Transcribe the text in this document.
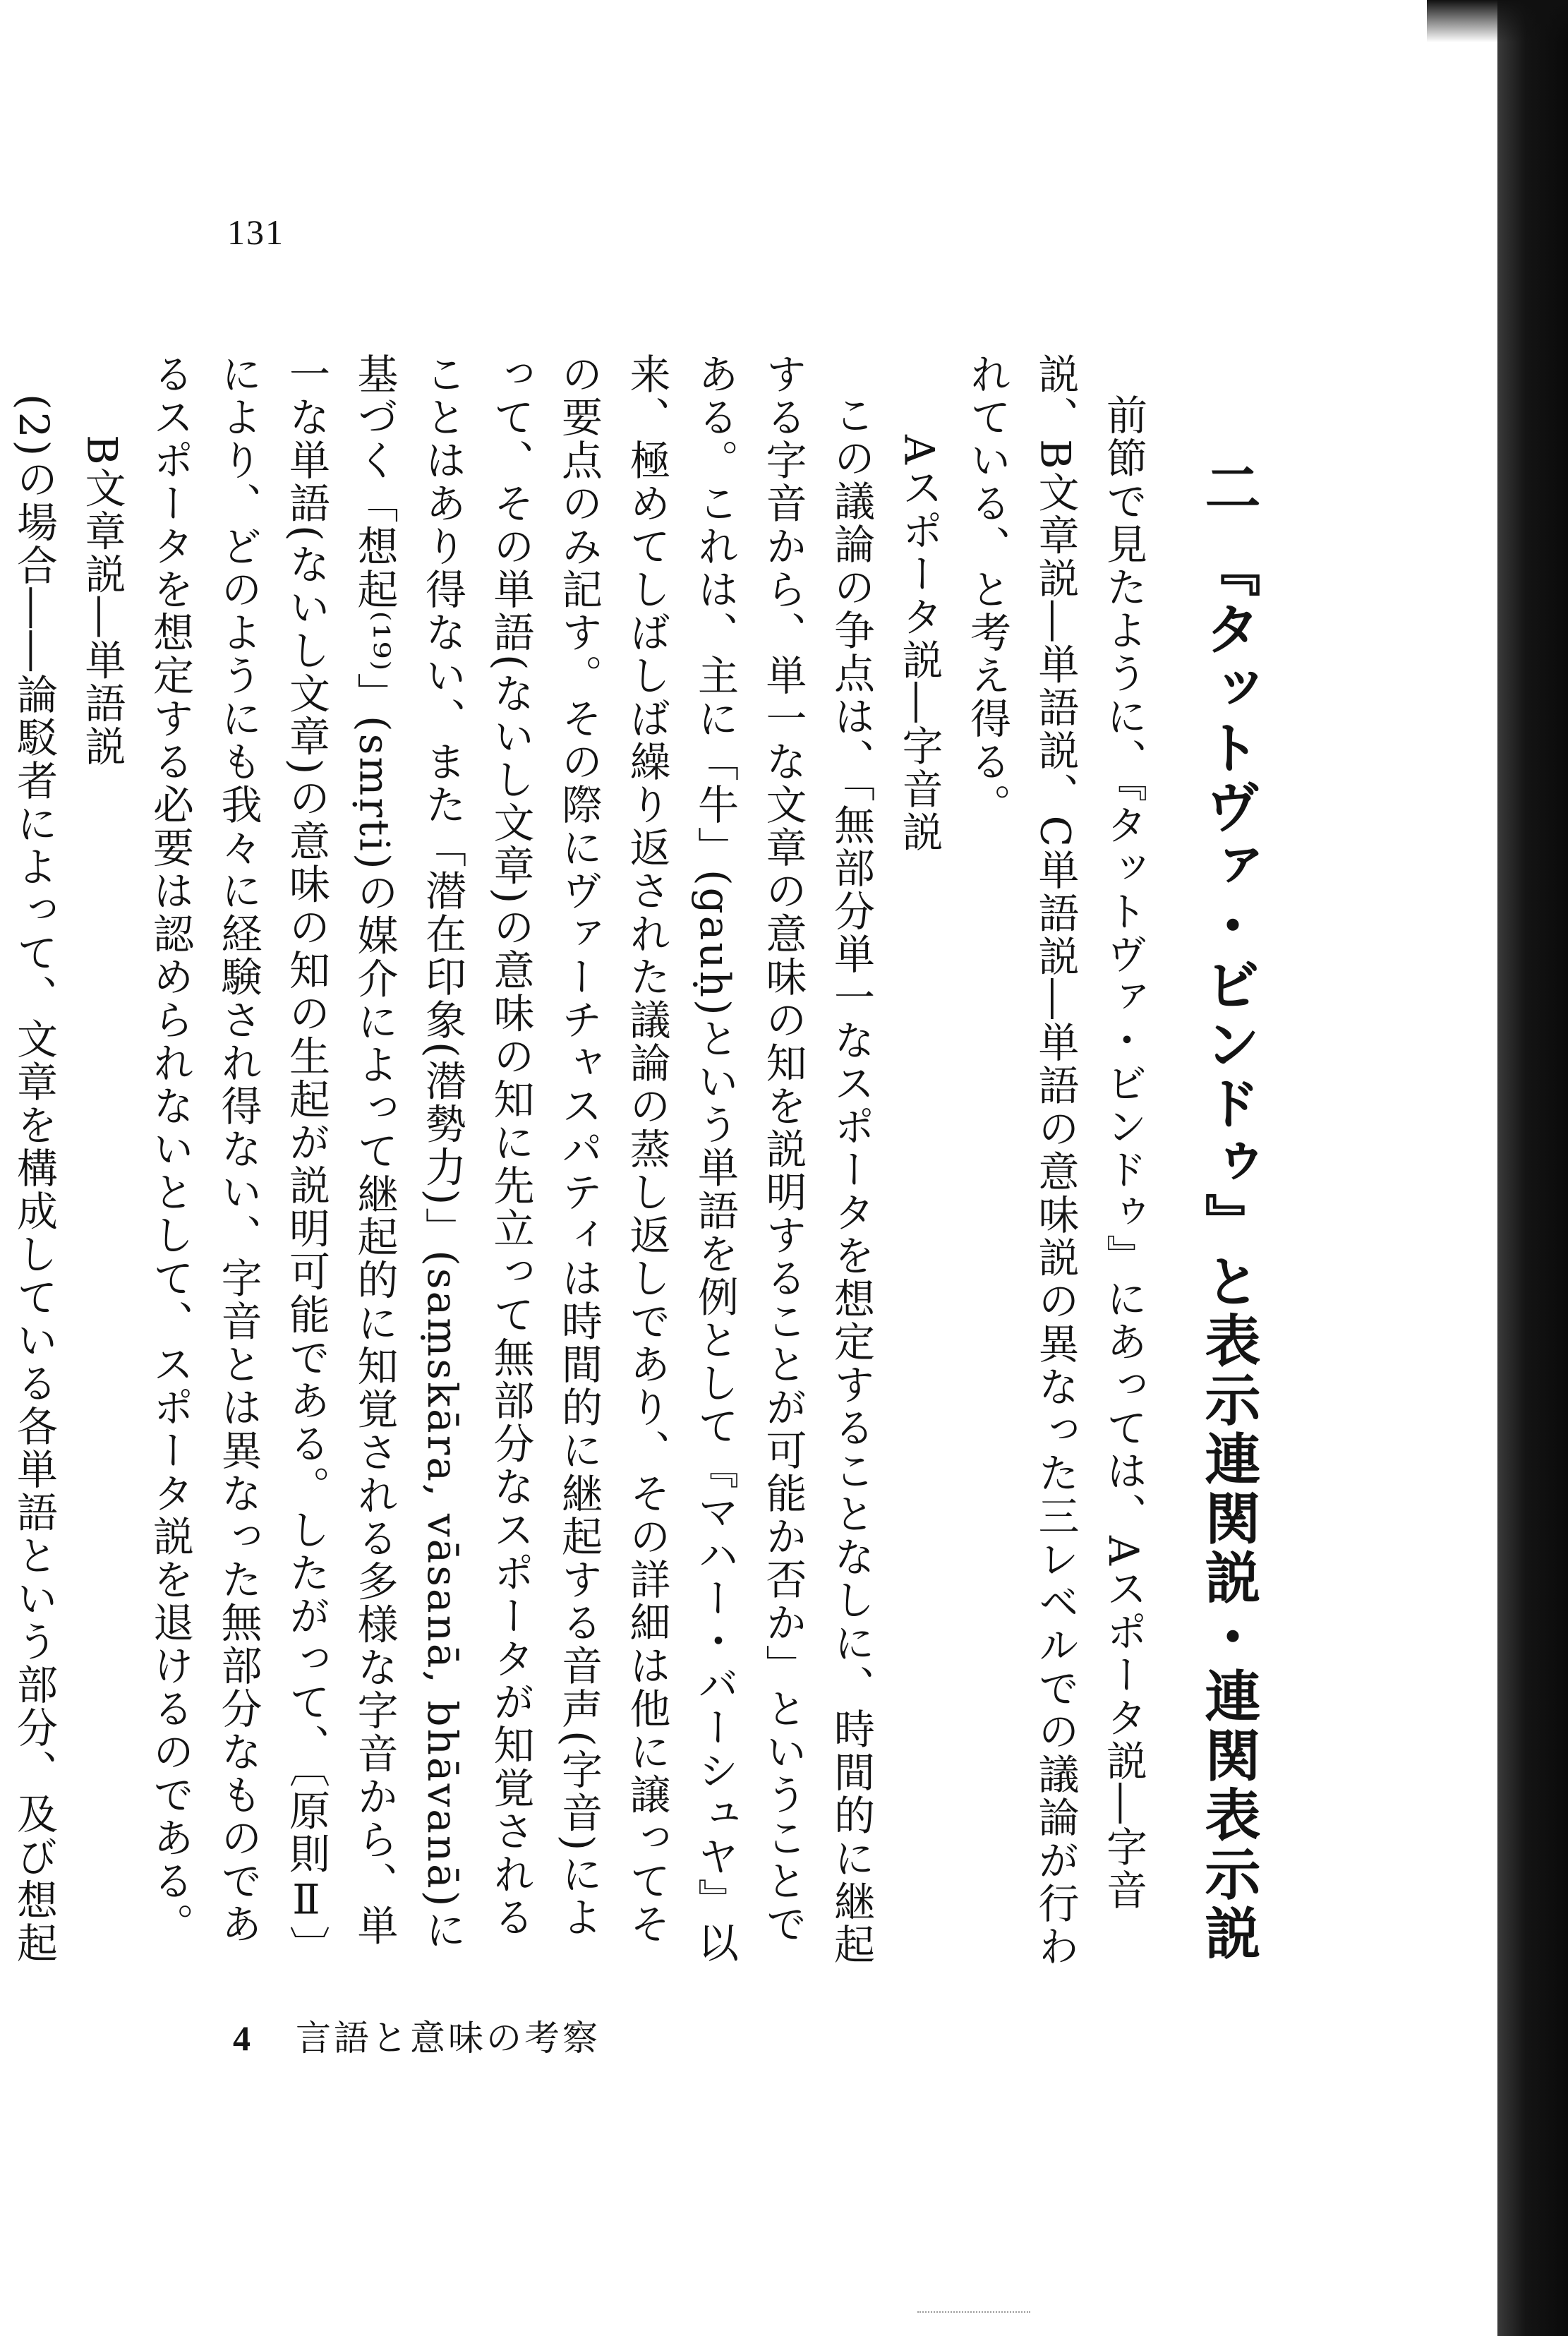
131

二 『タットヴァ・ビンドゥ』と表示連関説・連関表示説

前節で見たように、『タットヴァ・ビンドゥ』にあっては、Aスポータ説―字音説、B文章説―単語説、C単語説―単語の意味説の異なった三レベルでの議論が行われている、と考え得る。

Aスポータ説―字音説

この議論の争点は、「無部分単一なスポータを想定することなしに、時間的に継起する字音から、単一な文章の意味の知を説明することが可能か否か」ということである。これは、主に「牛」(gauḥ)という単語を例として『マハー・バーシュヤ』以来、極めてしばしば繰り返された議論の蒸し返しであり、その詳細は他に譲ってその要点のみ記す。その際にヴァーチャスパティは時間的に継起する音声(字音)によって、その単語(ないし文章)の意味の知に先立って無部分なスポータが知覚されることはあり得ない、また「潜在印象(潜勢力)」(saṃskāra, vāsanā, bhāvanā)に基づく「想起⁽¹⁹⁾」(smṛti)の媒介によって継起的に知覚される多様な字音から、単一な単語(ないし文章)の意味の知の生起が説明可能である。したがって、〔原則Ⅱ〕により、どのようにも我々に経験され得ない、字音とは異なった無部分なものであるスポータを想定する必要は認められないとして、スポータ説を退けるのである。

B文章説―単語説

(2)の場合――論駁者によって、文章を構成している各単語という部分、及び想起

4 言語と意味の考察
